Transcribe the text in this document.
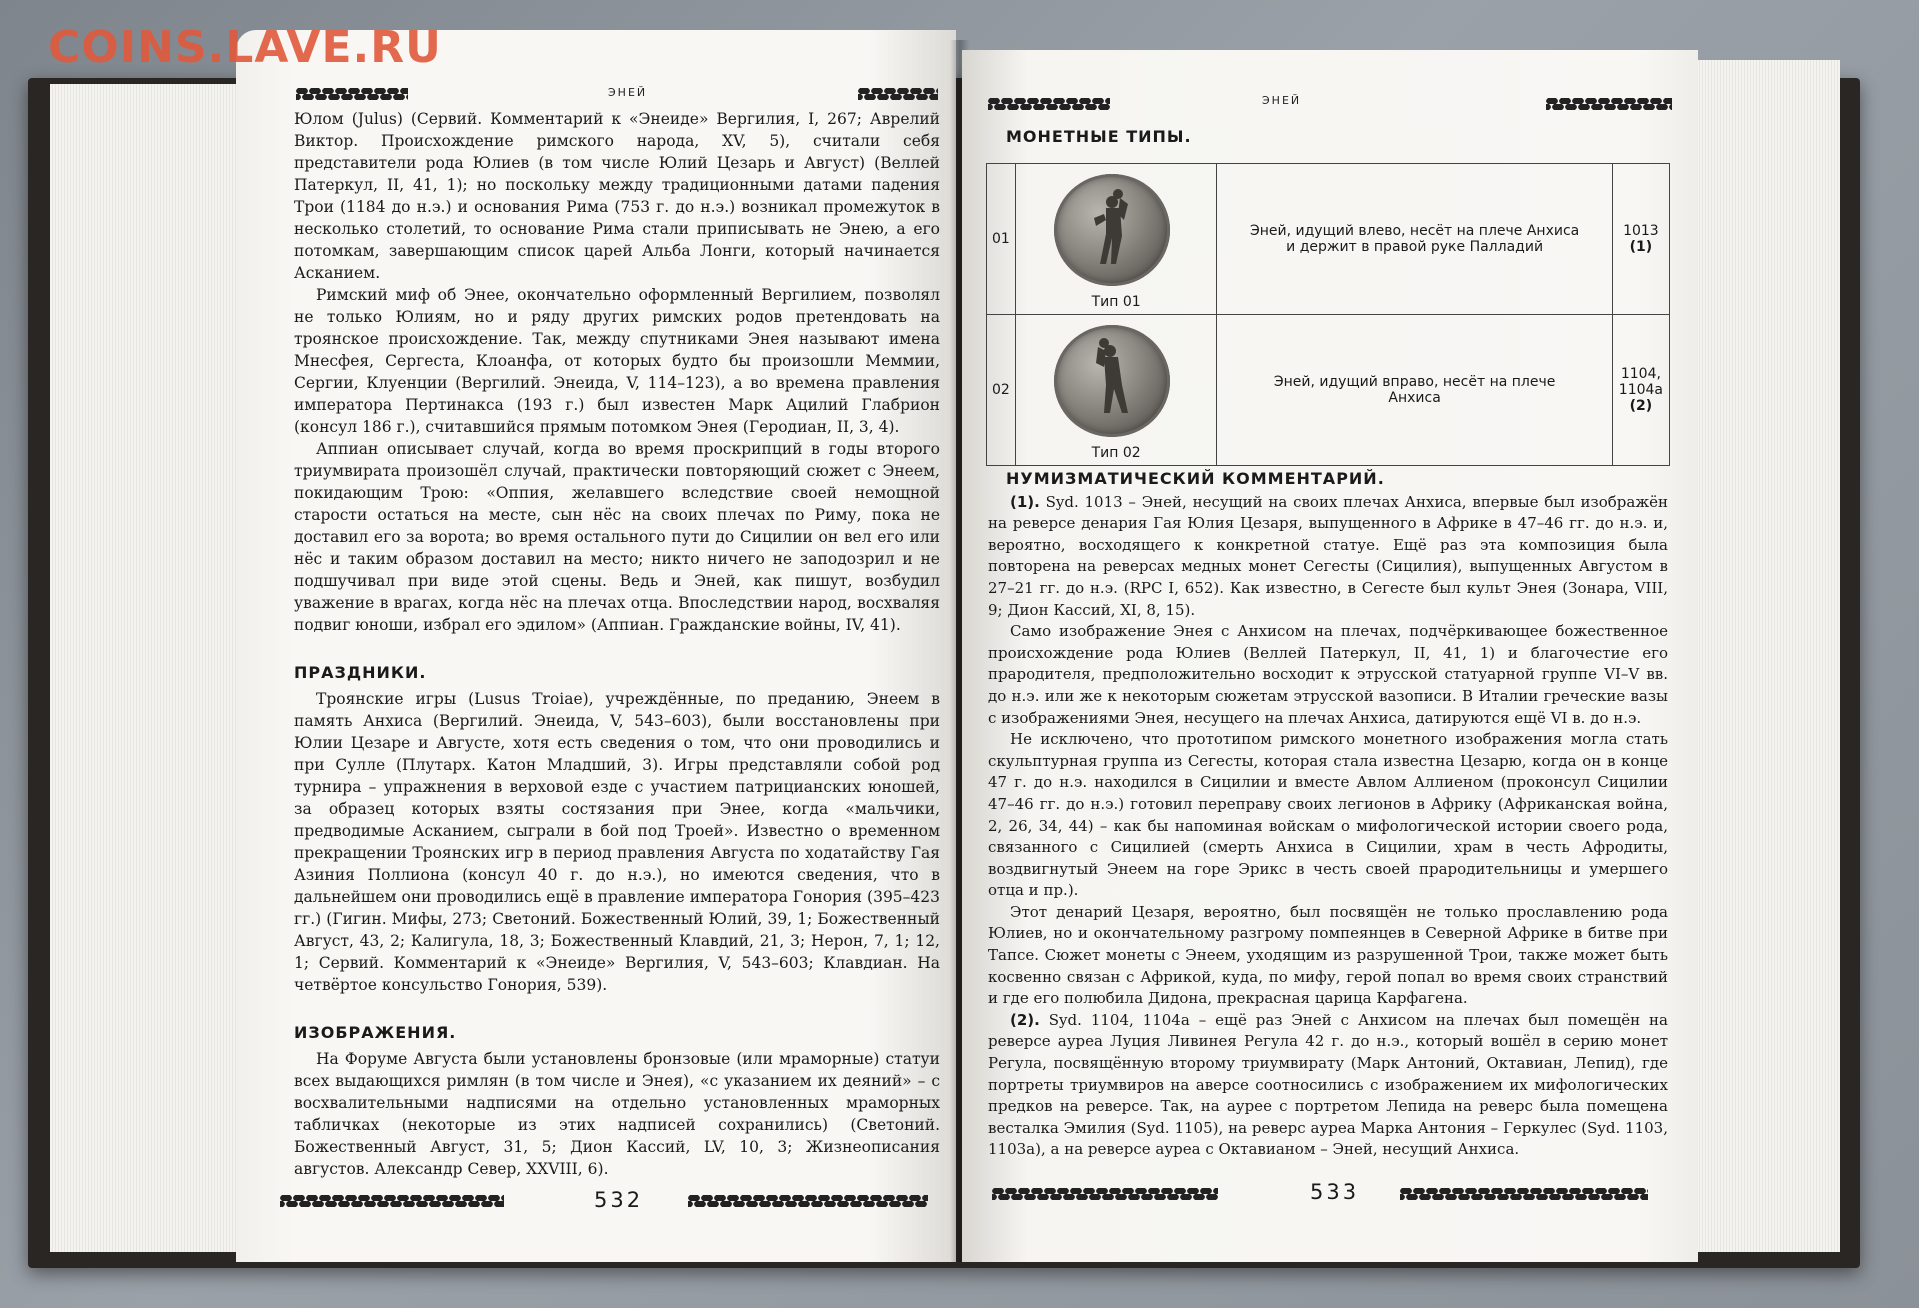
COINS.LAVE.RU
ЭНЕЙ

Юлом (Julus) (Сервий. Комментарий к «Энеиде» Вергилия, I, 267; Аврелий Виктор. Происхождение римского народа, XV, 5), считали себя представители рода Юлиев (в том числе Юлий Цезарь и Август) (Веллей Патеркул, II, 41, 1); но поскольку между традиционными датами падения Трои (1184 до н.э.) и основания Рима (753 г. до н.э.) возникал промежуток в несколько столетий, то основание Рима стали приписывать не Энею, а его потомкам, завершающим список царей Альба Лонги, который начинается Асканием.

Римский миф об Энее, окончательно оформленный Вергилием, позволял не только Юлиям, но и ряду других римских родов претендовать на троянское происхождение. Так, между спутниками Энея называют имена Мнесфея, Сергеста, Клоанфа, от которых будто бы произошли Меммии, Сергии, Клуенции (Вергилий. Энеида, V, 114–123), а во времена правления императора Пертинакса (193 г.) был известен Марк Ацилий Глабрион (консул 186 г.), считавшийся прямым потомком Энея (Геродиан, II, 3, 4).

Аппиан описывает случай, когда во время проскрипций в годы второго триумвирата произошёл случай, практически повторяющий сюжет с Энеем, покидающим Трою: «Оппия, желавшего вследствие своей немощной старости остаться на месте, сын нёс на своих плечах по Риму, пока не доставил его за ворота; во время остального пути до Сицилии он вел его или нёс и таким образом доставил на место; никто ничего не заподозрил и не подшучивал при виде этой сцены. Ведь и Эней, как пишут, возбудил уважение в врагах, когда нёс на плечах отца. Впоследствии народ, восхваляя подвиг юноши, избрал его эдилом» (Аппиан. Гражданские войны, IV, 41).

ПРАЗДНИКИ.

Троянские игры (Lusus Troiae), учреждённые, по преданию, Энеем в память Анхиса (Вергилий. Энеида, V, 543–603), были восстановлены при Юлии Цезаре и Августе, хотя есть сведения о том, что они проводились и при Сулле (Плутарх. Катон Младший, 3). Игры представляли собой род турнира – упражнения в верховой езде с участием патрицианских юношей, за образец которых взяты состязания при Энее, когда «мальчики, предводимые Асканием, сыграли в бой под Троей». Известно о временном прекращении Троянских игр в период правления Августа по ходатайству Гая Азиния Поллиона (консул 40 г. до н.э.), но имеются сведения, что в дальнейшем они проводились ещё в правление императора Гонория (395–423 гг.) (Гигин. Мифы, 273; Светоний. Божественный Юлий, 39, 1; Божественный Август, 43, 2; Калигула, 18, 3; Божественный Клавдий, 21, 3; Нерон, 7, 1; 12, 1; Сервий. Комментарий к «Энеиде» Вергилия, V, 543–603; Клавдиан. На четвёртое консульство Гонория, 539).

ИЗОБРАЖЕНИЯ.

На Форуме Августа были установлены бронзовые (или мраморные) статуи всех выдающихся римлян (в том числе и Энея), «с указанием их деяний» – с восхвалительными надписями на отдельно установленных мраморных табличках (некоторые из этих надписей сохранились) (Светоний. Божественный Август, 31, 5; Дион Кассий, LV, 10, 3; Жизнеописания августов. Александр Север, XXVIII, 6).

532
ЭНЕЙ
МОНЕТНЫЕ ТИПЫ.
01	Тип 01	Эней, идущий влево, несёт на плече Анхиса и держит в правой руке Палладий	1013 (1)
02	Тип 02	Эней, идущий вправо, несёт на плече Анхиса	1104, 1104a (2)
НУМИЗМАТИЧЕСКИЙ КОММЕНТАРИЙ.

(1). Syd. 1013 – Эней, несущий на своих плечах Анхиса, впервые был изображён на реверсе денария Гая Юлия Цезаря, выпущенного в Африке в 47–46 гг. до н.э. и, вероятно, восходящего к конкретной статуе. Ещё раз эта композиция была повторена на реверсах медных монет Сегесты (Сицилия), выпущенных Августом в 27–21 гг. до н.э. (RPC I, 652). Как известно, в Сегесте был культ Энея (Зонара, VIII, 9; Дион Кассий, XI, 8, 15).

Само изображение Энея с Анхисом на плечах, подчёркивающее божественное происхождение рода Юлиев (Веллей Патеркул, II, 41, 1) и благочестие его прародителя, предположительно восходит к этрусской статуарной группе VI–V вв. до н.э. или же к некоторым сюжетам этрусской вазописи. В Италии греческие вазы с изображениями Энея, несущего на плечах Анхиса, датируются ещё VI в. до н.э.

Не исключено, что прототипом римского монетного изображения могла стать скульптурная группа из Сегесты, которая стала известна Цезарю, когда он в конце 47 г. до н.э. находился в Сицилии и вместе Авлом Аллиеном (проконсул Сицилии 47–46 гг. до н.э.) готовил переправу своих легионов в Африку (Африканская война, 2, 26, 34, 44) – как бы напоминая войскам о мифологической истории своего рода, связанного с Сицилией (смерть Анхиса в Сицилии, храм в честь Афродиты, воздвигнутый Энеем на горе Эрикс в честь своей прародительницы и умершего отца и пр.).

Этот денарий Цезаря, вероятно, был посвящён не только прославлению рода Юлиев, но и окончательному разгрому помпеянцев в Северной Африке в битве при Тапсе. Сюжет монеты с Энеем, уходящим из разрушенной Трои, также может быть косвенно связан с Африкой, куда, по мифу, герой попал во время своих странствий и где его полюбила Дидона, прекрасная царица Карфагена.

(2). Syd. 1104, 1104a – ещё раз Эней с Анхисом на плечах был помещён на реверсе ауреа Луция Ливинея Регула 42 г. до н.э., который вошёл в серию монет Регула, посвящённую второму триумвирату (Марк Антоний, Октавиан, Лепид), где портреты триумвиров на аверсе соотносились с изображением их мифологических предков на реверсе. Так, на ауреe с портретом Лепида на реверс была помещена весталка Эмилия (Syd. 1105), на реверс ауреа Марка Антония – Геркулес (Syd. 1103, 1103a), а на реверсе ауреа с Октавианом – Эней, несущий Анхиса.

533
